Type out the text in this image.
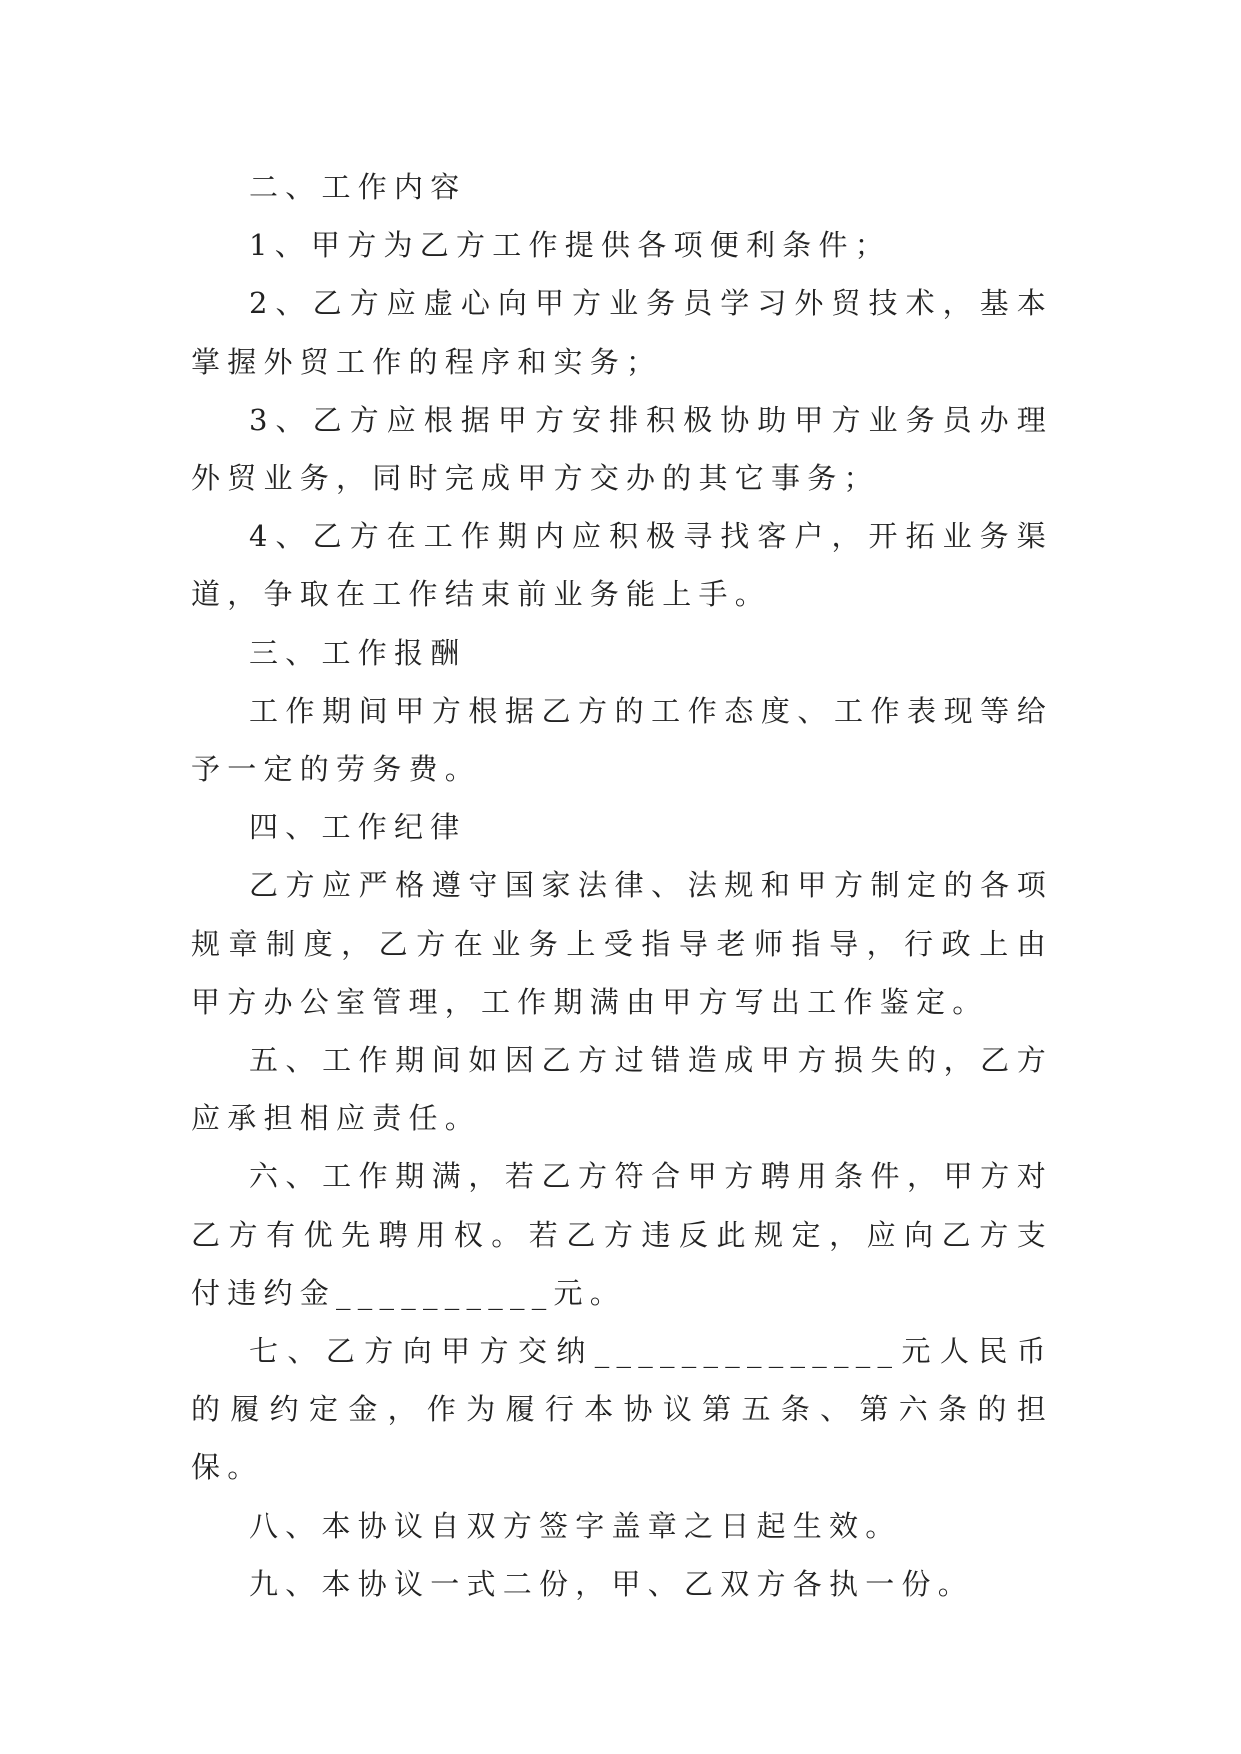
二、工作内容

1、甲方为乙方工作提供各项便利条件；

2、乙方应虚心向甲方业务员学习外贸技术，基本掌握外贸工作的程序和实务；

3、乙方应根据甲方安排积极协助甲方业务员办理外贸业务，同时完成甲方交办的其它事务；

4、乙方在工作期内应积极寻找客户，开拓业务渠道，争取在工作结束前业务能上手。

三、工作报酬

工作期间甲方根据乙方的工作态度、工作表现等给予一定的劳务费。

四、工作纪律

乙方应严格遵守国家法律、法规和甲方制定的各项规章制度，乙方在业务上受指导老师指导，行政上由甲方办公室管理，工作期满由甲方写出工作鉴定。

五、工作期间如因乙方过错造成甲方损失的，乙方应承担相应责任。

六、工作期满，若乙方符合甲方聘用条件，甲方对乙方有优先聘用权。若乙方违反此规定，应向乙方支付违约金__________元。

七、乙方向甲方交纳______________元人民币的履约定金，作为履行本协议第五条、第六条的担保。

八、本协议自双方签字盖章之日起生效。

九、本协议一式二份，甲、乙双方各执一份。
